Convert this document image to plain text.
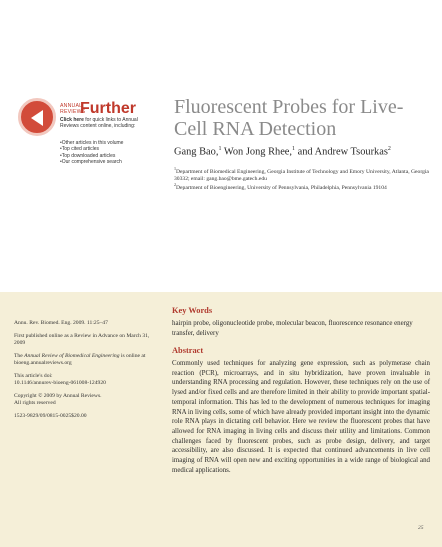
ANNUAL REVIEWS
Further
Click here for quick links to Annual Reviews content online, including:
• Other articles in this volume
• Top cited articles
• Top downloaded articles
• Our comprehensive search
Fluorescent Probes for Live-Cell RNA Detection
Gang Bao,$^1$ Won Jong Rhee,$^1$ and Andrew Tsourkas$^2$
$^1$Department of Biomedical Engineering, Georgia Institute of Technology and Emory University, Atlanta, Georgia 30332; email: gang.bao@bme.gatech.edu
$^2$Department of Bioengineering, University of Pennsylvania, Philadelphia, Pennsylvania 19104
Annu. Rev. Biomed. Eng. 2009. 11:25–47
First published online as a Review in Advance on March 31, 2009
The Annual Review of Biomedical Engineering is online at bioeng.annualreviews.org
This article's doi:
10.1146/annurev-bioeng-061008-124920
Copyright © 2009 by Annual Reviews. All rights reserved
1523-9829/09/0815-0025$20.00
Key Words
hairpin probe, oligonucleotide probe, molecular beacon, fluorescence resonance energy transfer, delivery
Abstract
Commonly used techniques for analyzing gene expression, such as polymerase chain reaction (PCR), microarrays, and in situ hybridization, have proven invaluable in understanding RNA processing and regulation. However, these techniques rely on the use of lysed and/or fixed cells and are therefore limited in their ability to provide important spatial-temporal information. This has led to the development of numerous techniques for imaging RNA in living cells, some of which have already provided important insight into the dynamic role RNA plays in dictating cell behavior. Here we review the fluorescent probes that have allowed for RNA imaging in living cells and discuss their utility and limitations. Common challenges faced by fluorescent probes, such as probe design, delivery, and target accessibility, are also discussed. It is expected that continued advancements in live cell imaging of RNA will open new and exciting opportunities in a wide range of biological and medical applications.
25
